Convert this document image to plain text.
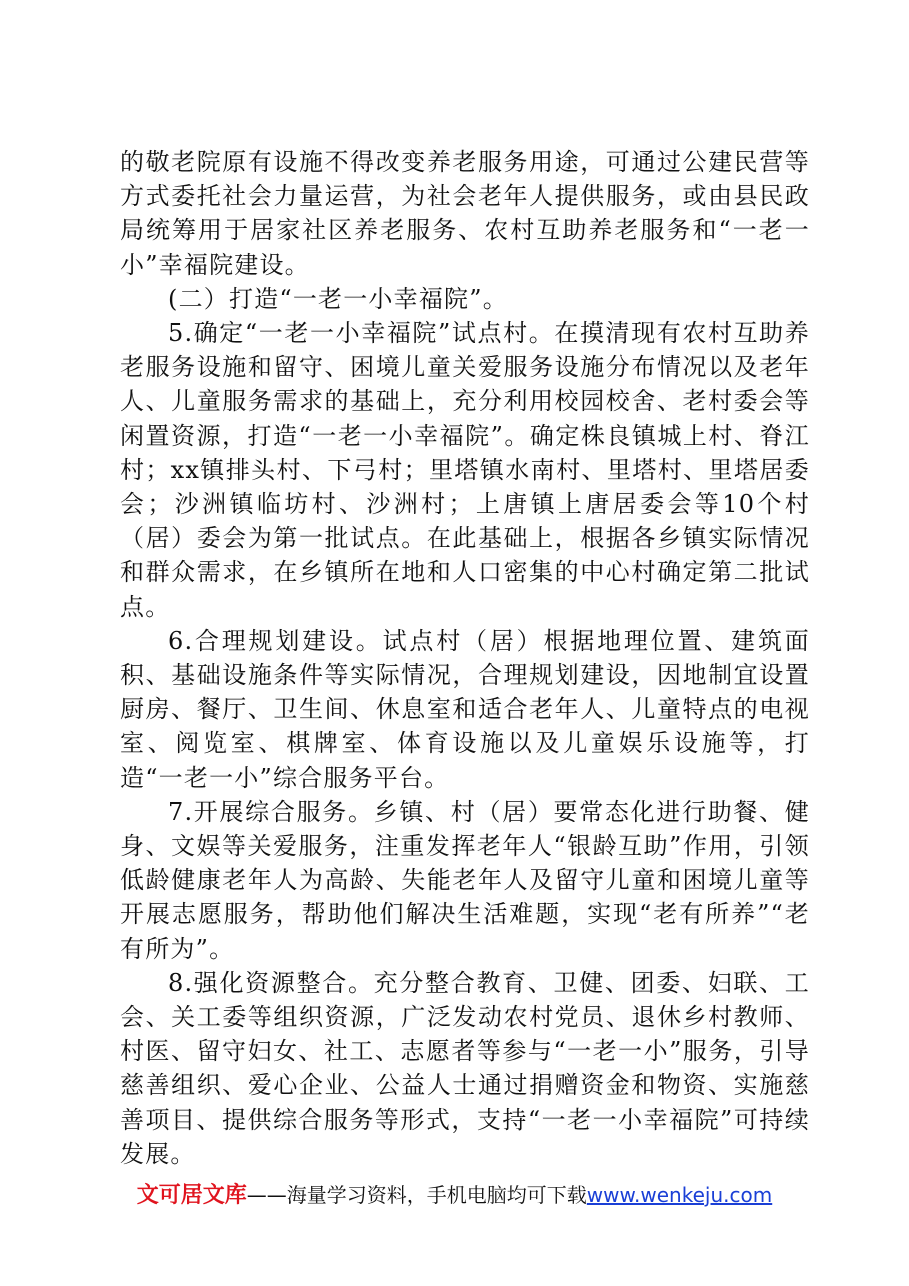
的敬老院原有设施不得改变养老服务用途，可通过公建民营等方式委托社会力量运营，为社会老年人提供服务，或由县民政局统筹用于居家社区养老服务、农村互助养老服务和“一老一小”幸福院建设。

(二）打造“一老一小幸福院”。

5.确定“一老一小幸福院”试点村。在摸清现有农村互助养老服务设施和留守、困境儿童关爱服务设施分布情况以及老年人、儿童服务需求的基础上，充分利用校园校舍、老村委会等闲置资源，打造“一老一小幸福院”。确定株良镇城上村、脊江村；xx镇排头村、下弓村；里塔镇水南村、里塔村、里塔居委会；沙洲镇临坊村、沙洲村；上唐镇上唐居委会等10个村（居）委会为第一批试点。在此基础上，根据各乡镇实际情况和群众需求，在乡镇所在地和人口密集的中心村确定第二批试点。

6.合理规划建设。试点村（居）根据地理位置、建筑面积、基础设施条件等实际情况，合理规划建设，因地制宜设置厨房、餐厅、卫生间、休息室和适合老年人、儿童特点的电视室、阅览室、棋牌室、体育设施以及儿童娱乐设施等，打造“一老一小”综合服务平台。

7.开展综合服务。乡镇、村（居）要常态化进行助餐、健身、文娱等关爱服务，注重发挥老年人“银龄互助”作用，引领低龄健康老年人为高龄、失能老年人及留守儿童和困境儿童等开展志愿服务，帮助他们解决生活难题，实现“老有所养”“老有所为”。

8.强化资源整合。充分整合教育、卫健、团委、妇联、工会、关工委等组织资源，广泛发动农村党员、退休乡村教师、村医、留守妇女、社工、志愿者等参与“一老一小”服务，引导慈善组织、爱心企业、公益人士通过捐赠资金和物资、实施慈善项目、提供综合服务等形式，支持“一老一小幸福院”可持续发展。

文可居文库——海量学习资料，手机电脑均可下载www.wenkeju.com
